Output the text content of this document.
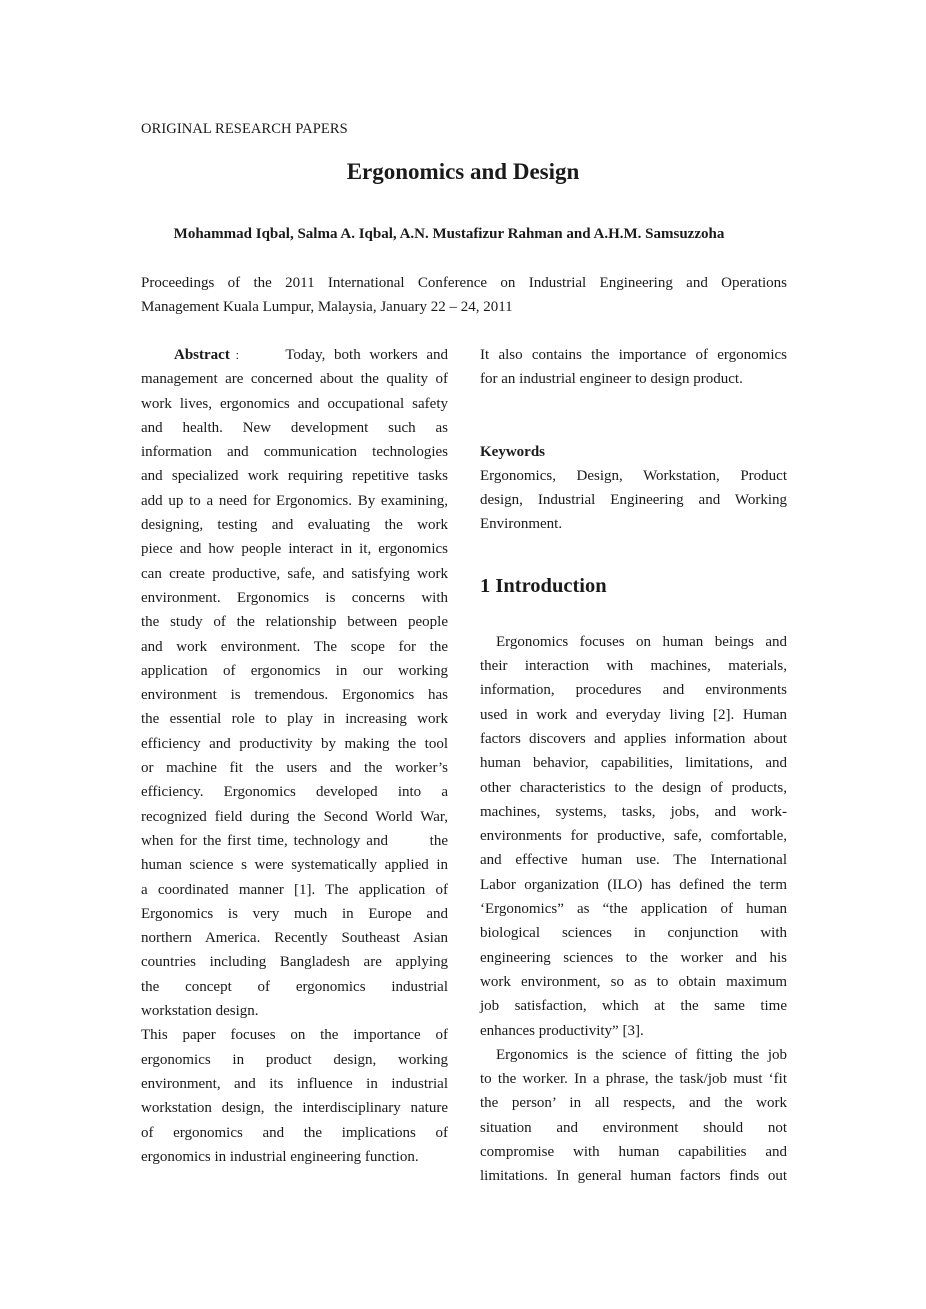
ORIGINAL RESEARCH PAPERS
Ergonomics and Design
Mohammad Iqbal, Salma A. Iqbal, A.N. Mustafizur Rahman and A.H.M. Samsuzzoha
Proceedings of the 2011 International Conference on Industrial Engineering and Operations
Management Kuala Lumpur, Malaysia, January 22 – 24, 2011
Abstract： Today, both workers and
management are concerned about the quality of
work lives, ergonomics and occupational safety
and health. New development such as
information and communication technologies
and specialized work requiring repetitive tasks
add up to a need for Ergonomics. By examining,
designing, testing and evaluating the work
piece and how people interact in it, ergonomics
can create productive, safe, and satisfying work
environment. Ergonomics is concerns with
the study of the relationship between people
and work environment. The scope for the
application of ergonomics in our working
environment is tremendous. Ergonomics has
the essential role to play in increasing work
efficiency and productivity by making the tool
or machine fit the users and the worker’s
efficiency. Ergonomics developed into a
recognized field during the Second World War,
when for the first time, technology and       the
human science s were systematically applied in
a coordinated manner [1]. The application of
Ergonomics is very much in Europe and
northern America. Recently Southeast Asian
countries including Bangladesh are applying
the concept of ergonomics industrial
workstation design.
This paper focuses on the importance of
ergonomics in product design, working
environment, and its influence in industrial
workstation design, the interdisciplinary nature
of ergonomics and the implications of
ergonomics in industrial engineering function.
It also contains the importance of ergonomics
for an industrial engineer to design product.
Keywords
Ergonomics, Design, Workstation, Product
design, Industrial Engineering and Working
Environment.
1 Introduction
Ergonomics focuses on human beings and
their interaction with machines, materials,
information, procedures and environments
used in work and everyday living [2]. Human
factors discovers and applies information about
human behavior, capabilities, limitations, and
other characteristics to the design of products,
machines, systems, tasks, jobs, and work-
environments for productive, safe, comfortable,
and effective human use. The International
Labor organization (ILO) has defined the term
‘Ergonomics” as “the application of human
biological sciences in conjunction with
engineering sciences to the worker and his
work environment, so as to obtain maximum
job satisfaction, which at the same time
enhances productivity” [3].
Ergonomics is the science of fitting the job
to the worker. In a phrase, the task/job must ‘fit
the person’ in all respects, and the work
situation and environment should not
compromise with human capabilities and
limitations. In general human factors finds out
